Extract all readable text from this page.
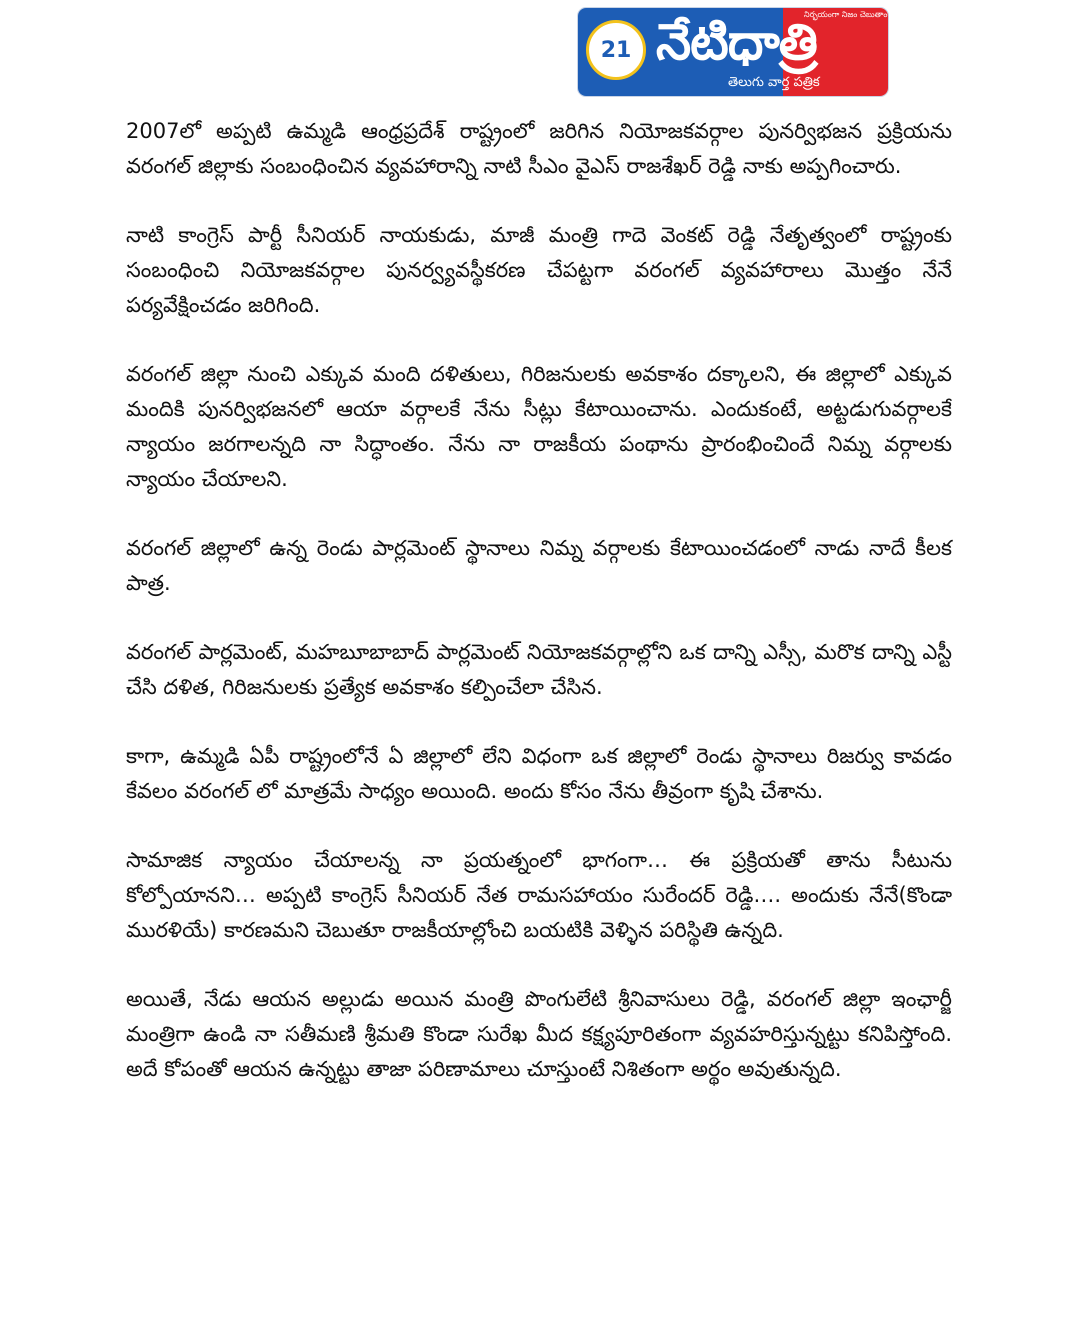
21 నేటిధాత్రి
నిర్భయంగా నిజం చెబుతాం
తెలుగు వార్త పత్రిక

2007లో అప్పటి ఉమ్మడి ఆంధ్రప్రదేశ్ రాష్ట్రంలో జరిగిన నియోజకవర్గాల పునర్విభజన ప్రక్రియను వరంగల్ జిల్లాకు సంబంధించిన వ్యవహారాన్ని నాటి సీఎం వైఎస్ రాజశేఖర్ రెడ్డి నాకు అప్పగించారు.

నాటి కాంగ్రెస్ పార్టీ సీనియర్ నాయకుడు, మాజీ మంత్రి గాదె వెంకట్ రెడ్డి నేతృత్వంలో రాష్ట్రంకు సంబంధించి నియోజకవర్గాల పునర్వ్యవస్థీకరణ చేపట్టగా వరంగల్ వ్యవహారాలు మొత్తం నేనే పర్యవేక్షించడం జరిగింది.

వరంగల్ జిల్లా నుంచి ఎక్కువ మంది దళితులు, గిరిజనులకు అవకాశం దక్కాలని, ఈ జిల్లాలో ఎక్కువ మందికి పునర్విభజనలో ఆయా వర్గాలకే నేను సీట్లు కేటాయించాను. ఎందుకంటే, అట్టడుగువర్గాలకే న్యాయం జరగాలన్నది నా సిద్ధాంతం. నేను నా రాజకీయ పంథాను ప్రారంభించిందే నిమ్న వర్గాలకు న్యాయం చేయాలని.

వరంగల్ జిల్లాలో ఉన్న రెండు పార్లమెంట్ స్థానాలు నిమ్న వర్గాలకు కేటాయించడంలో నాడు నాదే కీలక పాత్ర.

వరంగల్ పార్లమెంట్, మహబూబాబాద్ పార్లమెంట్ నియోజకవర్గాల్లోని ఒక దాన్ని ఎస్సీ, మరొక దాన్ని ఎస్టీ చేసి దళిత, గిరిజనులకు ప్రత్యేక అవకాశం కల్పించేలా చేసిన.

కాగా, ఉమ్మడి ఏపీ రాష్ట్రంలోనే ఏ జిల్లాలో లేని విధంగా ఒక జిల్లాలో రెండు స్థానాలు రిజర్వు కావడం కేవలం వరంగల్ లో మాత్రమే సాధ్యం అయింది. అందు కోసం నేను తీవ్రంగా కృషి చేశాను.

సామాజిక న్యాయం చేయాలన్న నా ప్రయత్నంలో భాగంగా… ఈ ప్రక్రియతో తాను సీటును కోల్పోయానని… అప్పటి కాంగ్రెస్ సీనియర్ నేత రామసహాయం సురేందర్ రెడ్డి…. అందుకు నేనే(కొండా మురళియే) కారణమని చెబుతూ రాజకీయాల్లోంచి బయటికి వెళ్ళిన పరిస్థితి ఉన్నది.

అయితే, నేడు ఆయన అల్లుడు అయిన మంత్రి పొంగులేటి శ్రీనివాసులు రెడ్డి, వరంగల్ జిల్లా ఇంఛార్జీ మంత్రిగా ఉండి నా సతీమణి శ్రీమతి కొండా సురేఖ మీద కక్ష్యపూరితంగా వ్యవహరిస్తున్నట్టు కనిపిస్తోంది. అదే కోపంతో ఆయన ఉన్నట్టు తాజా పరిణామాలు చూస్తుంటే నిశితంగా అర్థం అవుతున్నది.
